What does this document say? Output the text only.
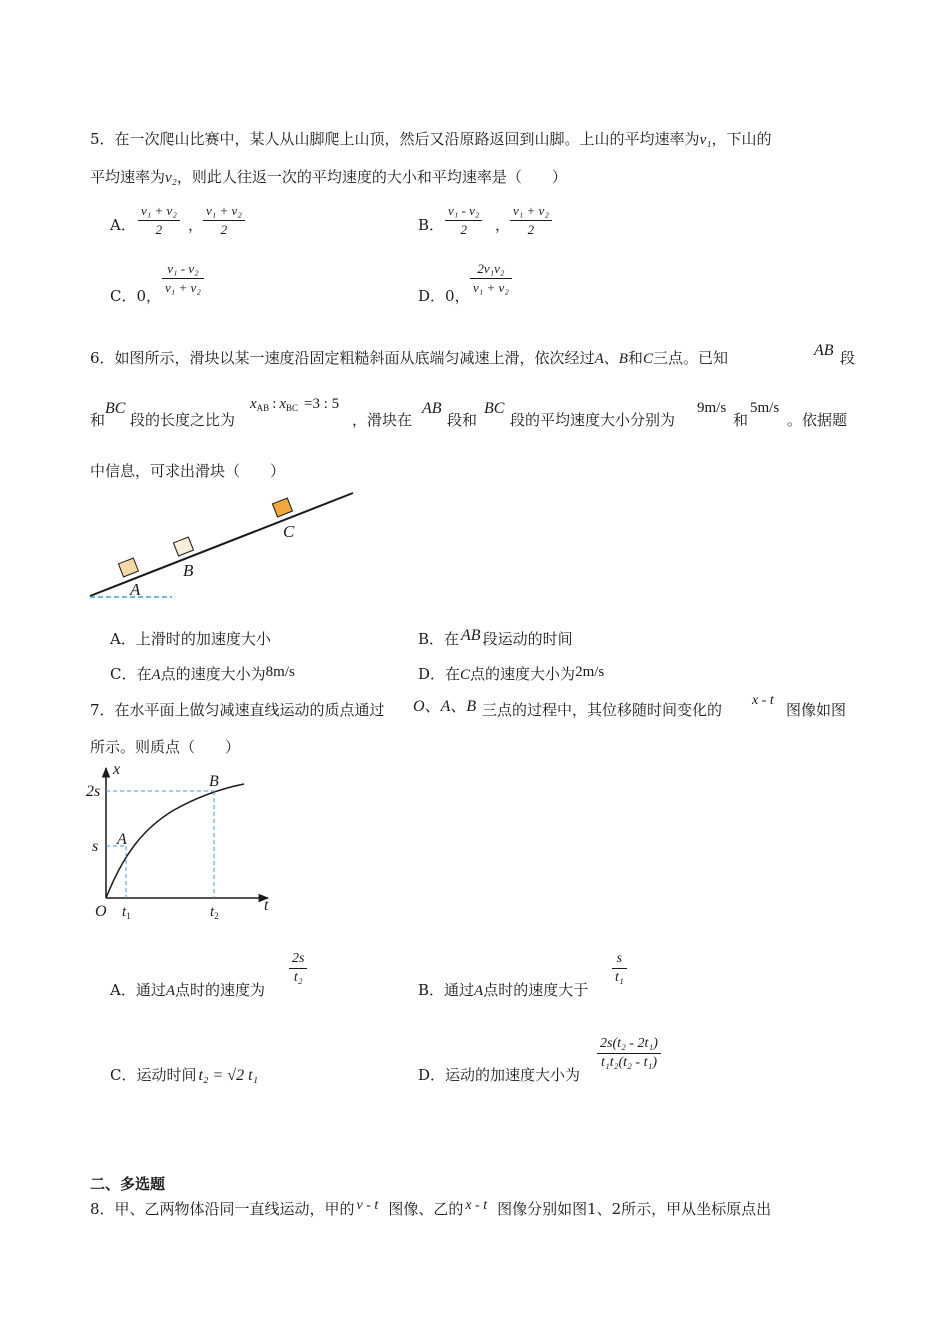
5．在一次爬山比赛中，某人从山脚爬上山顶，然后又沿原路返回到山脚。上山的平均速率为v₁，下山的
平均速率为v₂，则此人往返一次的平均速度的大小和平均速率是（　　）
A． $\frac{\text{v₁ + v₂}}{2}$ ， $\frac{\text{v₁ + v₂}}{2}$	B． $\frac{\text{v₁ - v₂}}{2}$ ， $\frac{\text{v₁ + v₂}}{2}$
C．0， $\frac{\text{v₁ - v₂}}{\text{v₁ + v₂}}$	D．0， $\frac{\text{2v₁v₂}}{\text{v₁ + v₂}}$
6．如图所示，滑块以某一速度沿固定粗糙斜面从底端匀减速上滑，依次经过A、B和C三点。已知	AB 段
和
BC
段的长度之比为
$x_{AB}$ : $x_{BC} =3$ : 5
，滑块在
AB
段和
BC
段的平均速度大小分别为
9m/s
和
5m/s
。依据题
中信息，可求出滑块（　　）
A
B
C
A．上滑时的加速度大小	B．在 AB 段运动的时间
C．在A点的速度大小为8m/s	D．在C点的速度大小为2m/s
7．在水平面上做匀减速直线运动的质点通过 O、A、B 三点的过程中，其位移随时间变化的
x - t
图像如图
所示。则质点（　　）
x
t
2s
s
O
A
B
$t_1$	$t_2$
A．通过A点时的速度为
$\frac{2s}{\text{t₂}}$
B．通过A点时的速度大于
$\frac{s}{\text{t₁}}$
C．运动时间 t₂ = √2 t₁	D．运动的加速度大小为
$\frac{\text{2s(t₂ - 2t₁)}}{\text{t₁t₂(t₂ - t₁)}}$
二、多选题
8．甲、乙两物体沿同一直线运动，甲的 v - t 图像、乙的 x - t 图像分别如图1、2所示，甲从坐标原点出
